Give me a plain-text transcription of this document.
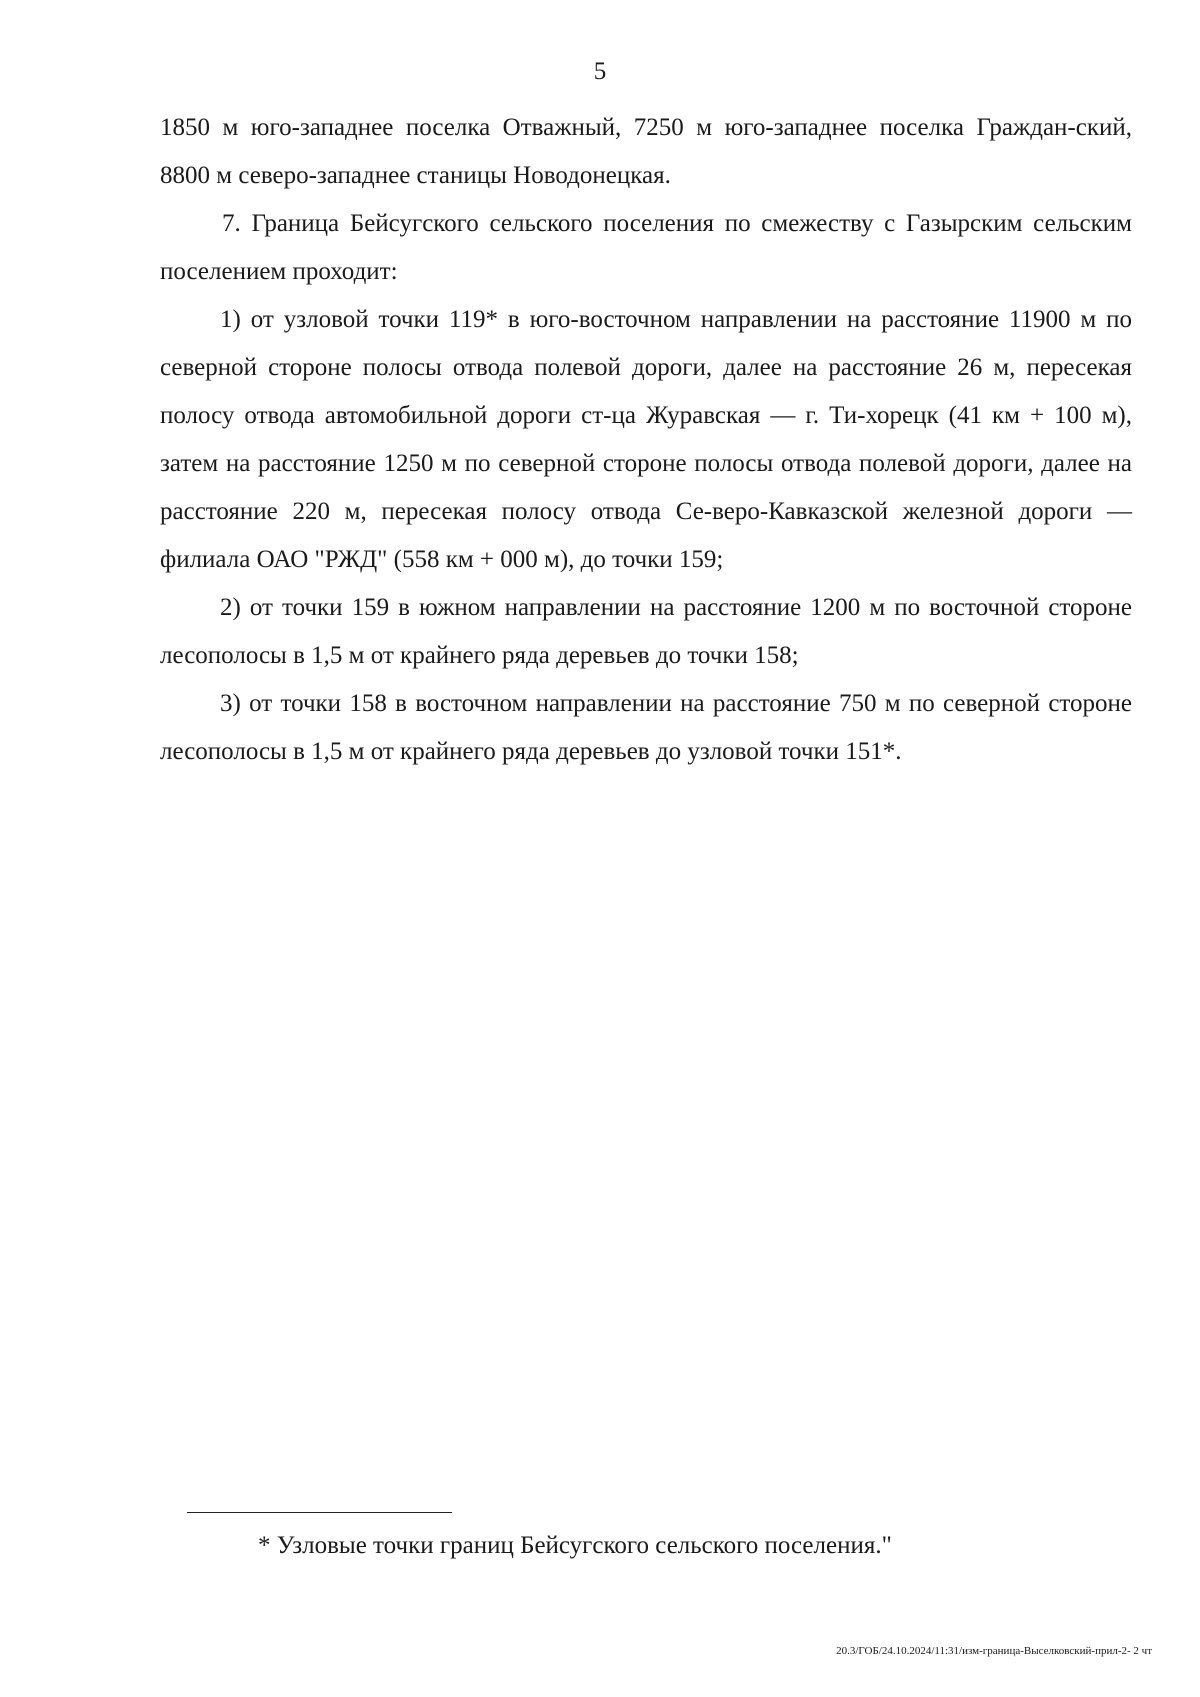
5

1850 м юго-западнее поселка Отважный, 7250 м юго-западнее поселка Граждан-ский, 8800 м северо-западнее станицы Новодонецкая.

7. Граница Бейсугского сельского поселения по смежеству с Газырским сельским поселением проходит:

1) от узловой точки 119* в юго-восточном направлении на расстояние 11900 м по северной стороне полосы отвода полевой дороги, далее на расстояние 26 м, пересекая полосу отвода автомобильной дороги ст-ца Журавская — г. Ти-хорецк (41 км + 100 м), затем на расстояние 1250 м по северной стороне полосы отвода полевой дороги, далее на расстояние 220 м, пересекая полосу отвода Се-веро-Кавказской железной дороги — филиала ОАО "РЖД" (558 км + 000 м), до точки 159;

2) от точки 159 в южном направлении на расстояние 1200 м по восточной стороне лесополосы в 1,5 м от крайнего ряда деревьев до точки 158;

3) от точки 158 в восточном направлении на расстояние 750 м по северной стороне лесополосы в 1,5 м от крайнего ряда деревьев до узловой точки 151*.

* Узловые точки границ Бейсугского сельского поселения."
20.3/ГОБ/24.10.2024/11:31/изм-граница-Выселковский-прил-2- 2 чт
